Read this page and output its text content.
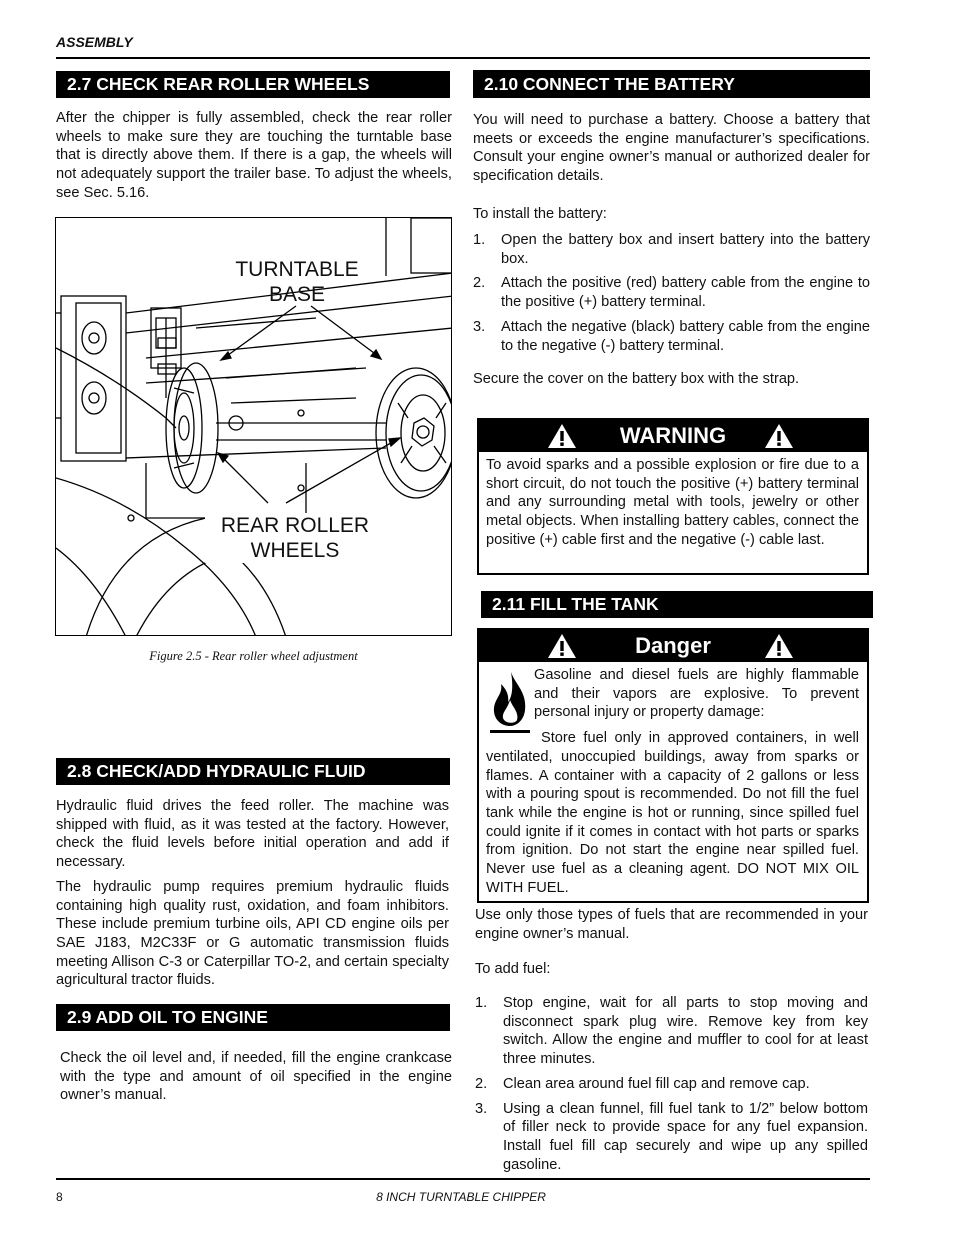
ASSEMBLY
2.7 CHECK REAR ROLLER WHEELS

After the chipper is fully assembled, check the rear roller wheels to make sure they are touching the turntable base that is directly above them. If there is a gap, the wheels will not adequately support the trailer base. To adjust the wheels, see Sec. 5.16.

TURNTABLE
BASE
REAR ROLLER
WHEELS
Figure 2.5 - Rear roller wheel adjustment
2.8 CHECK/ADD HYDRAULIC FLUID

Hydraulic fluid drives the feed roller. The machine was shipped with fluid, as it was tested at the factory. However, check the fluid levels before initial operation and add if necessary.

The hydraulic pump requires premium hydraulic fluids containing high quality rust, oxidation, and foam inhibitors. These include premium turbine oils, API CD engine oils per SAE J183, M2C33F or G automatic transmission fluids meeting Allison C-3 or Caterpillar TO-2, and certain specialty agricultural tractor fluids.

2.9 ADD OIL TO ENGINE

Check the oil level and, if needed, fill the engine crankcase with the type and amount of oil specified in the engine owner’s manual.

2.10 CONNECT THE BATTERY

You will need to purchase a battery. Choose a battery that meets or exceeds the engine manufacturer’s specifications. Consult your engine owner’s manual or authorized dealer for specification details.

To install the battery:
1. Open the battery box and insert battery into the battery box.
2. Attach the positive (red) battery cable from the engine to the positive (+) battery terminal.
3. Attach the negative (black) battery cable from the engine to the negative (-) battery terminal.
Secure the cover on the battery box with the strap.
WARNING
To avoid sparks and a possible explosion or fire due to a short circuit, do not touch the positive (+) battery terminal and any surrounding metal with tools, jewelry or other metal objects. When installing battery cables, connect the positive (+) cable first and the negative (-) cable last.
2.11 FILL THE TANK
Danger
Gasoline and diesel fuels are highly flammable and their vapors are explosive. To prevent personal injury or property damage:
Store fuel only in approved containers, in well ventilated, unoccupied buildings, away from sparks or flames. A container with a capacity of 2 gallons or less with a pouring spout is recommended. Do not fill the fuel tank while the engine is hot or running, since spilled fuel could ignite if it comes in contact with hot parts or sparks from ignition. Do not start the engine near spilled fuel. Never use fuel as a cleaning agent. DO NOT MIX OIL WITH FUEL.
Use only those types of fuels that are recommended in your engine owner’s manual.
To add fuel:
1. Stop engine, wait for all parts to stop moving and disconnect spark plug wire. Remove key from key switch. Allow the engine and muffler to cool for at least three minutes.
2. Clean area around fuel fill cap and remove cap.
3. Using a clean funnel, fill fuel tank to 1/2” below bottom of filler neck to provide space for any fuel expansion. Install fuel fill cap securely and wipe up any spilled gasoline.
8	8 INCH TURNTABLE CHIPPER
